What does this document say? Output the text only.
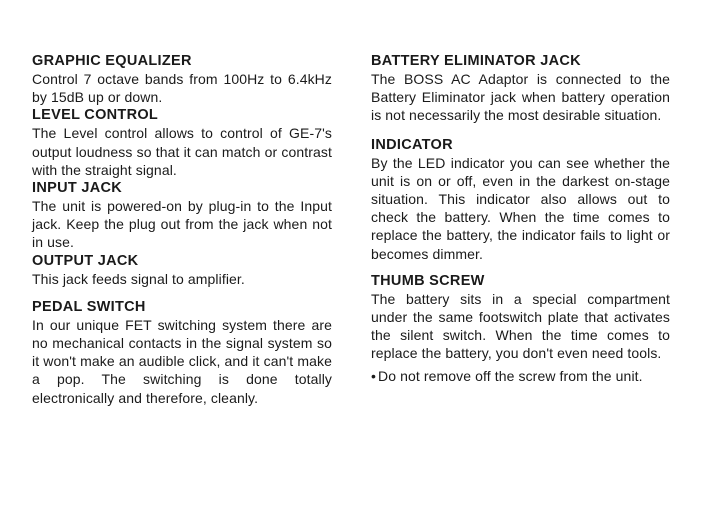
GRAPHIC EQUALIZER

Control 7 octave bands from 100Hz to 6.4kHz by 15dB up or down.

LEVEL CONTROL

The Level control allows to control of GE-7's output loudness so that it can match or contrast with the straight signal.

INPUT JACK

The unit is powered-on by plug-in to the Input jack. Keep the plug out from the jack when not in use.

OUTPUT JACK

This jack feeds signal to amplifier.

PEDAL SWITCH

In our unique FET switching system there are no mechanical contacts in the signal system so it won't make an audible click, and it can't make a pop. The switching is done totally electronically and therefore, cleanly.

BATTERY ELIMINATOR JACK

The BOSS AC Adaptor is connected to the Battery Eliminator jack when battery operation is not necessarily the most desirable situation.

INDICATOR

By the LED indicator you can see whether the unit is on or off, even in the darkest on-stage situation. This indicator also allows out to check the battery. When the time comes to replace the battery, the indicator fails to light or becomes dimmer.

THUMB SCREW

The battery sits in a special compartment under the same footswitch plate that activates the silent switch. When the time comes to replace the battery, you don't even need tools.

• Do not remove off the screw from the unit.
